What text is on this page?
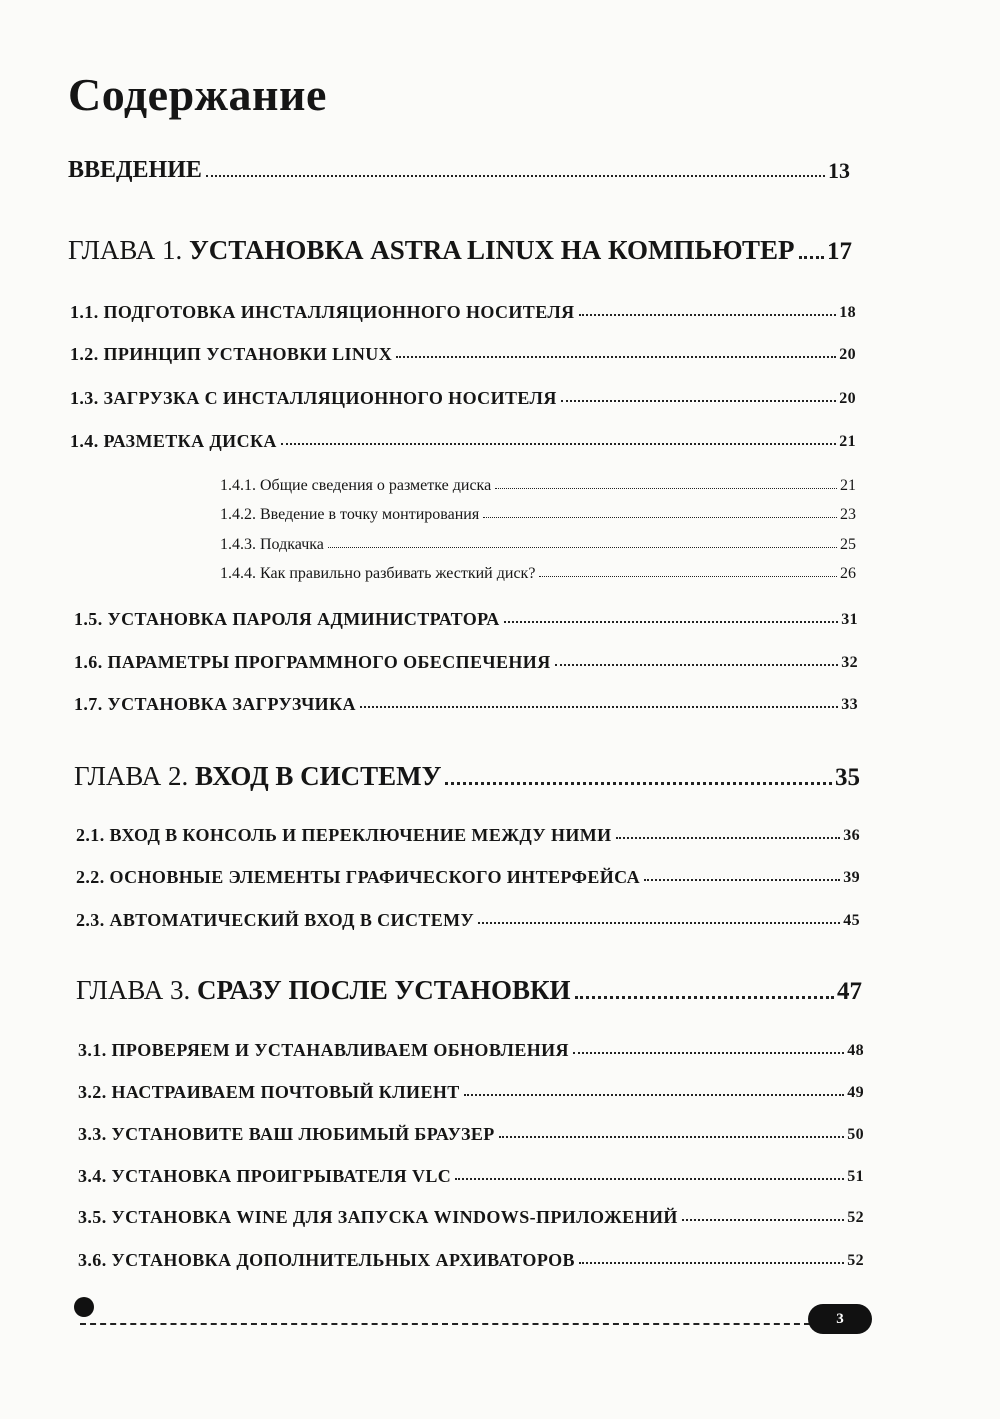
Содержание
ВВЕДЕНИЕ	13
ГЛАВА 1. УСТАНОВКА ASTRA LINUX НА КОМПЬЮТЕР 17
1.1. ПОДГОТОВКА ИНСТАЛЛЯЦИОННОГО НОСИТЕЛЯ	18
1.2. ПРИНЦИП УСТАНОВКИ LINUX	20
1.3. ЗАГРУЗКА С ИНСТАЛЛЯЦИОННОГО НОСИТЕЛЯ	20
1.4. РАЗМЕТКА ДИСКА	21
1.4.1. Общие сведения о разметке диска	21
1.4.2. Введение в точку монтирования	23
1.4.3. Подкачка	25
1.4.4. Как правильно разбивать жесткий диск?	26
1.5. УСТАНОВКА ПАРОЛЯ АДМИНИСТРАТОРА	31
1.6. ПАРАМЕТРЫ ПРОГРАММНОГО ОБЕСПЕЧЕНИЯ	32
1.7. УСТАНОВКА ЗАГРУЗЧИКА	33
ГЛАВА 2. ВХОД В СИСТЕМУ	35
2.1. ВХОД В КОНСОЛЬ И ПЕРЕКЛЮЧЕНИЕ МЕЖДУ НИМИ	36
2.2. ОСНОВНЫЕ ЭЛЕМЕНТЫ ГРАФИЧЕСКОГО ИНТЕРФЕЙСА	39
2.3. АВТОМАТИЧЕСКИЙ ВХОД В СИСТЕМУ	45
ГЛАВА 3. СРАЗУ ПОСЛЕ УСТАНОВКИ	47
3.1. ПРОВЕРЯЕМ И УСТАНАВЛИВАЕМ ОБНОВЛЕНИЯ	48
3.2. НАСТРАИВАЕМ ПОЧТОВЫЙ КЛИЕНТ	49
3.3. УСТАНОВИТЕ ВАШ ЛЮБИМЫЙ БРАУЗЕР	50
3.4. УСТАНОВКА ПРОИГРЫВАТЕЛЯ VLC	51
3.5. УСТАНОВКА WINE ДЛЯ ЗАПУСКА WINDOWS-ПРИЛОЖЕНИЙ	52
3.6. УСТАНОВКА ДОПОЛНИТЕЛЬНЫХ АРХИВАТОРОВ	52
3
